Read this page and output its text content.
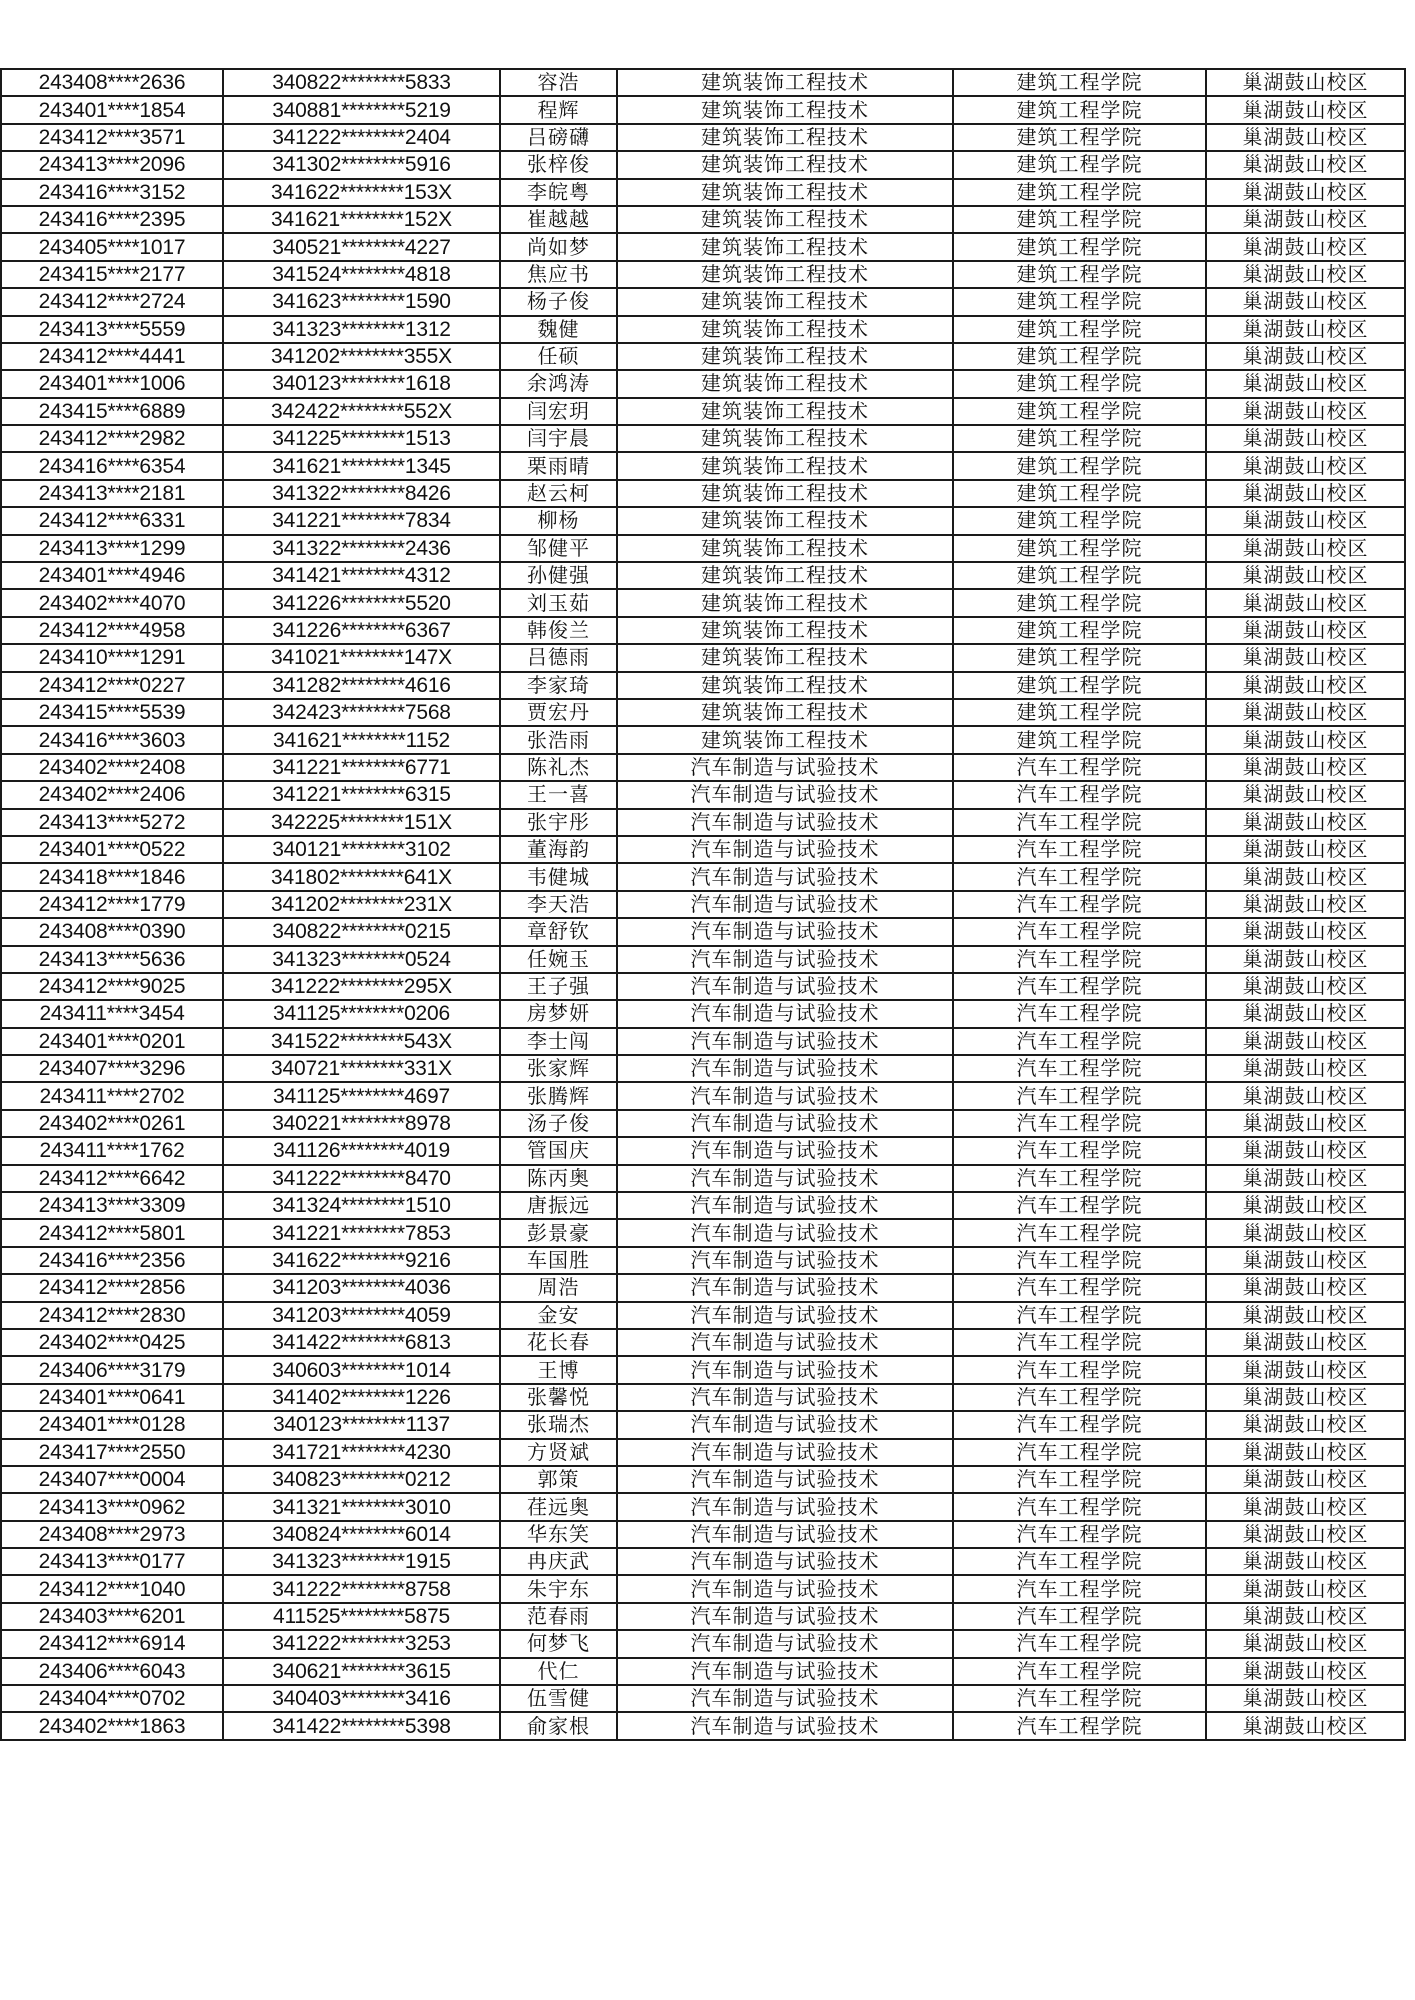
243408****2636	340822********5833	容浩	建筑装饰工程技术	建筑工程学院	巢湖鼓山校区
243401****1854	340881********5219	程辉	建筑装饰工程技术	建筑工程学院	巢湖鼓山校区
243412****3571	341222********2404	吕磅礴	建筑装饰工程技术	建筑工程学院	巢湖鼓山校区
243413****2096	341302********5916	张梓俊	建筑装饰工程技术	建筑工程学院	巢湖鼓山校区
243416****3152	341622********153X	李皖粤	建筑装饰工程技术	建筑工程学院	巢湖鼓山校区
243416****2395	341621********152X	崔越越	建筑装饰工程技术	建筑工程学院	巢湖鼓山校区
243405****1017	340521********4227	尚如梦	建筑装饰工程技术	建筑工程学院	巢湖鼓山校区
243415****2177	341524********4818	焦应书	建筑装饰工程技术	建筑工程学院	巢湖鼓山校区
243412****2724	341623********1590	杨子俊	建筑装饰工程技术	建筑工程学院	巢湖鼓山校区
243413****5559	341323********1312	魏健	建筑装饰工程技术	建筑工程学院	巢湖鼓山校区
243412****4441	341202********355X	任硕	建筑装饰工程技术	建筑工程学院	巢湖鼓山校区
243401****1006	340123********1618	余鸿涛	建筑装饰工程技术	建筑工程学院	巢湖鼓山校区
243415****6889	342422********552X	闫宏玥	建筑装饰工程技术	建筑工程学院	巢湖鼓山校区
243412****2982	341225********1513	闫宇晨	建筑装饰工程技术	建筑工程学院	巢湖鼓山校区
243416****6354	341621********1345	栗雨晴	建筑装饰工程技术	建筑工程学院	巢湖鼓山校区
243413****2181	341322********8426	赵云柯	建筑装饰工程技术	建筑工程学院	巢湖鼓山校区
243412****6331	341221********7834	柳杨	建筑装饰工程技术	建筑工程学院	巢湖鼓山校区
243413****1299	341322********2436	邹健平	建筑装饰工程技术	建筑工程学院	巢湖鼓山校区
243401****4946	341421********4312	孙健强	建筑装饰工程技术	建筑工程学院	巢湖鼓山校区
243402****4070	341226********5520	刘玉茹	建筑装饰工程技术	建筑工程学院	巢湖鼓山校区
243412****4958	341226********6367	韩俊兰	建筑装饰工程技术	建筑工程学院	巢湖鼓山校区
243410****1291	341021********147X	吕德雨	建筑装饰工程技术	建筑工程学院	巢湖鼓山校区
243412****0227	341282********4616	李家琦	建筑装饰工程技术	建筑工程学院	巢湖鼓山校区
243415****5539	342423********7568	贾宏丹	建筑装饰工程技术	建筑工程学院	巢湖鼓山校区
243416****3603	341621********1152	张浩雨	建筑装饰工程技术	建筑工程学院	巢湖鼓山校区
243402****2408	341221********6771	陈礼杰	汽车制造与试验技术	汽车工程学院	巢湖鼓山校区
243402****2406	341221********6315	王一喜	汽车制造与试验技术	汽车工程学院	巢湖鼓山校区
243413****5272	342225********151X	张宇彤	汽车制造与试验技术	汽车工程学院	巢湖鼓山校区
243401****0522	340121********3102	董海韵	汽车制造与试验技术	汽车工程学院	巢湖鼓山校区
243418****1846	341802********641X	韦健城	汽车制造与试验技术	汽车工程学院	巢湖鼓山校区
243412****1779	341202********231X	李天浩	汽车制造与试验技术	汽车工程学院	巢湖鼓山校区
243408****0390	340822********0215	章舒钦	汽车制造与试验技术	汽车工程学院	巢湖鼓山校区
243413****5636	341323********0524	任婉玉	汽车制造与试验技术	汽车工程学院	巢湖鼓山校区
243412****9025	341222********295X	王子强	汽车制造与试验技术	汽车工程学院	巢湖鼓山校区
243411****3454	341125********0206	房梦妍	汽车制造与试验技术	汽车工程学院	巢湖鼓山校区
243401****0201	341522********543X	李士闯	汽车制造与试验技术	汽车工程学院	巢湖鼓山校区
243407****3296	340721********331X	张家辉	汽车制造与试验技术	汽车工程学院	巢湖鼓山校区
243411****2702	341125********4697	张腾辉	汽车制造与试验技术	汽车工程学院	巢湖鼓山校区
243402****0261	340221********8978	汤子俊	汽车制造与试验技术	汽车工程学院	巢湖鼓山校区
243411****1762	341126********4019	管国庆	汽车制造与试验技术	汽车工程学院	巢湖鼓山校区
243412****6642	341222********8470	陈丙奥	汽车制造与试验技术	汽车工程学院	巢湖鼓山校区
243413****3309	341324********1510	唐振远	汽车制造与试验技术	汽车工程学院	巢湖鼓山校区
243412****5801	341221********7853	彭景豪	汽车制造与试验技术	汽车工程学院	巢湖鼓山校区
243416****2356	341622********9216	车国胜	汽车制造与试验技术	汽车工程学院	巢湖鼓山校区
243412****2856	341203********4036	周浩	汽车制造与试验技术	汽车工程学院	巢湖鼓山校区
243412****2830	341203********4059	金安	汽车制造与试验技术	汽车工程学院	巢湖鼓山校区
243402****0425	341422********6813	花长春	汽车制造与试验技术	汽车工程学院	巢湖鼓山校区
243406****3179	340603********1014	王博	汽车制造与试验技术	汽车工程学院	巢湖鼓山校区
243401****0641	341402********1226	张馨悦	汽车制造与试验技术	汽车工程学院	巢湖鼓山校区
243401****0128	340123********1137	张瑞杰	汽车制造与试验技术	汽车工程学院	巢湖鼓山校区
243417****2550	341721********4230	方贤斌	汽车制造与试验技术	汽车工程学院	巢湖鼓山校区
243407****0004	340823********0212	郭策	汽车制造与试验技术	汽车工程学院	巢湖鼓山校区
243413****0962	341321********3010	荏远奥	汽车制造与试验技术	汽车工程学院	巢湖鼓山校区
243408****2973	340824********6014	华东笑	汽车制造与试验技术	汽车工程学院	巢湖鼓山校区
243413****0177	341323********1915	冉庆武	汽车制造与试验技术	汽车工程学院	巢湖鼓山校区
243412****1040	341222********8758	朱宇东	汽车制造与试验技术	汽车工程学院	巢湖鼓山校区
243403****6201	411525********5875	范春雨	汽车制造与试验技术	汽车工程学院	巢湖鼓山校区
243412****6914	341222********3253	何梦飞	汽车制造与试验技术	汽车工程学院	巢湖鼓山校区
243406****6043	340621********3615	代仁	汽车制造与试验技术	汽车工程学院	巢湖鼓山校区
243404****0702	340403********3416	伍雪健	汽车制造与试验技术	汽车工程学院	巢湖鼓山校区
243402****1863	341422********5398	俞家根	汽车制造与试验技术	汽车工程学院	巢湖鼓山校区
